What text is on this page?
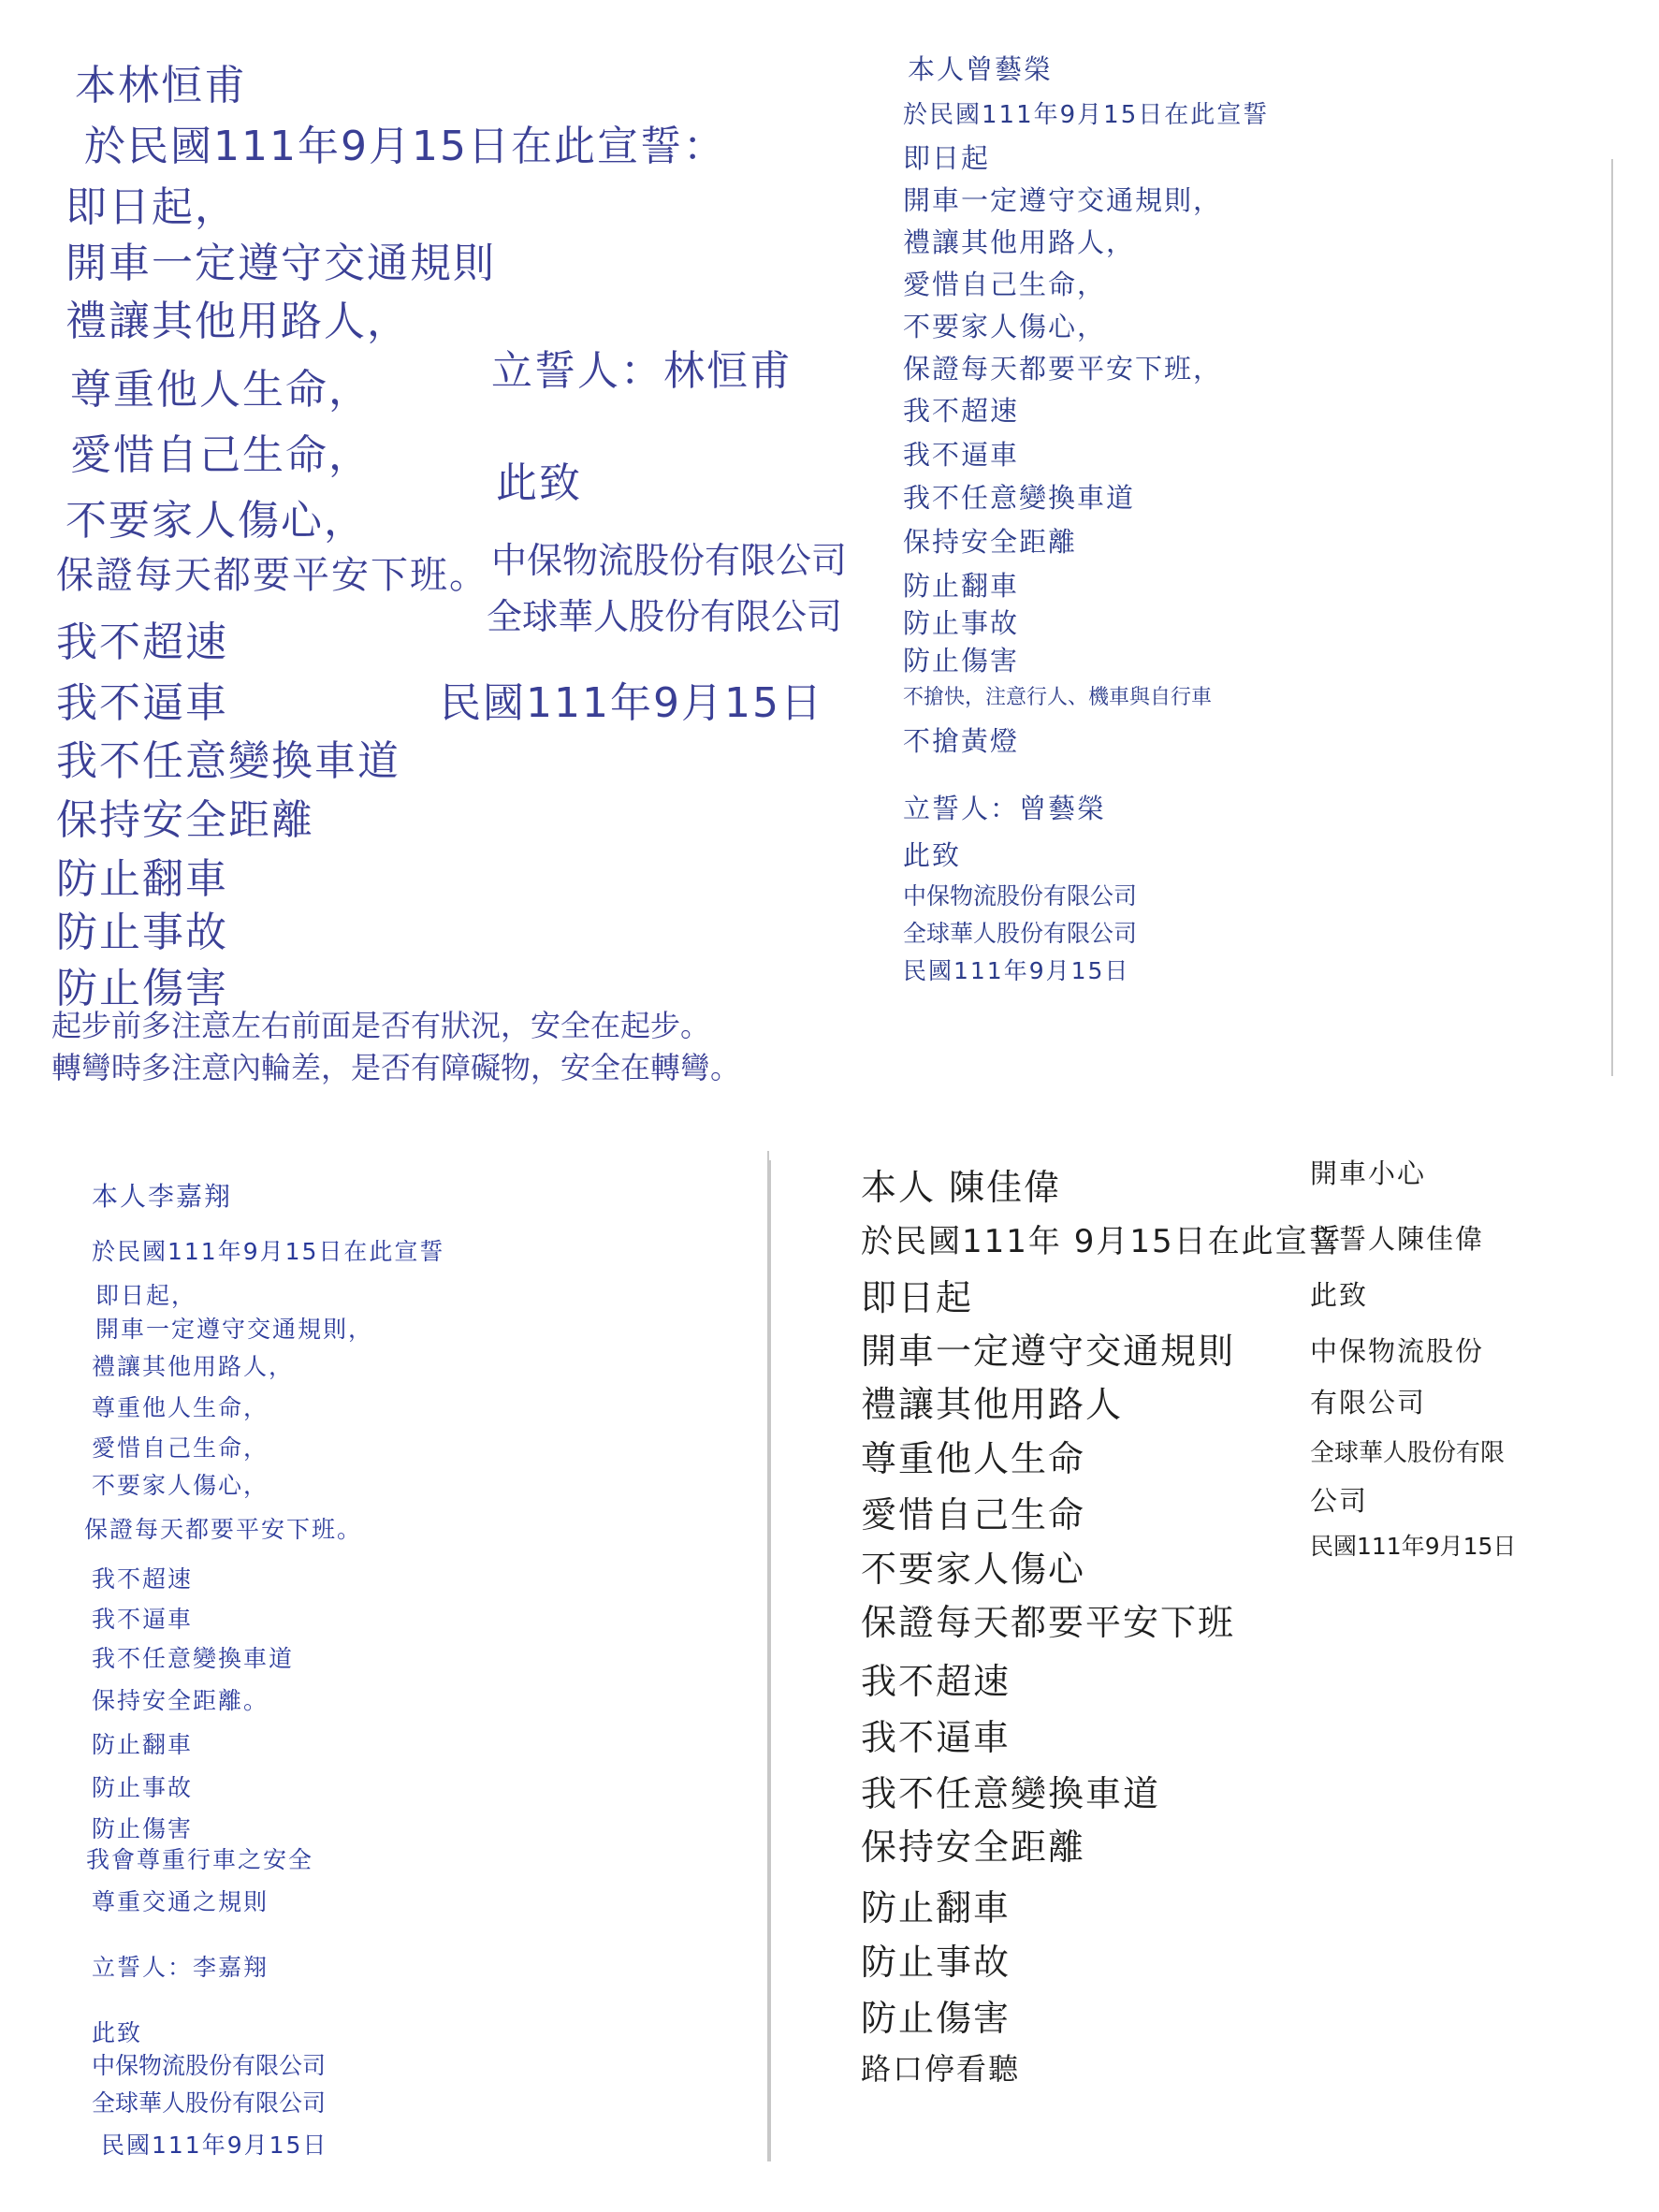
本林恒甫
於民國111年9月15日在此宣誓：
即日起，
開車一定遵守交通規則
禮讓其他用路人，
尊重他人生命，
愛惜自己生命，
不要家人傷心，
保證每天都要平安下班。
我不超速
我不逼車
我不任意變換車道
保持安全距離
防止翻車
防止事故
防止傷害
起步前多注意左右前面是否有狀況，安全在起步。
轉彎時多注意內輪差，是否有障礙物，安全在轉彎。
立誓人：林恒甫
此致
中保物流股份有限公司
全球華人股份有限公司
民國111年9月15日
本人曾藝榮
於民國111年9月15日在此宣誓
即日起
開車一定遵守交通規則，
禮讓其他用路人，
愛惜自己生命，
不要家人傷心，
保證每天都要平安下班，
我不超速
我不逼車
我不任意變換車道
保持安全距離
防止翻車
防止事故
防止傷害
不搶快，注意行人、機車與自行車
不搶黃燈
立誓人：曾藝榮
此致
中保物流股份有限公司
全球華人股份有限公司
民國111年9月15日
本人李嘉翔
於民國111年9月15日在此宣誓
即日起，
開車一定遵守交通規則，
禮讓其他用路人，
尊重他人生命，
愛惜自己生命，
不要家人傷心，
保證每天都要平安下班。
我不超速
我不逼車
我不任意變換車道
保持安全距離。
防止翻車
防止事故
防止傷害
我會尊重行車之安全
尊重交通之規則
立誓人：李嘉翔
此致
中保物流股份有限公司
全球華人股份有限公司
民國111年9月15日
本人 陳佳偉
於民國111年 9月15日在此宣誓
即日起
開車一定遵守交通規則
禮讓其他用路人
尊重他人生命
愛惜自己生命
不要家人傷心
保證每天都要平安下班
我不超速
我不逼車
我不任意變換車道
保持安全距離
防止翻車
防止事故
防止傷害
路口停看聽
開車小心
立誓人陳佳偉
此致
中保物流股份
有限公司
全球華人股份有限
公司
民國111年9月15日
